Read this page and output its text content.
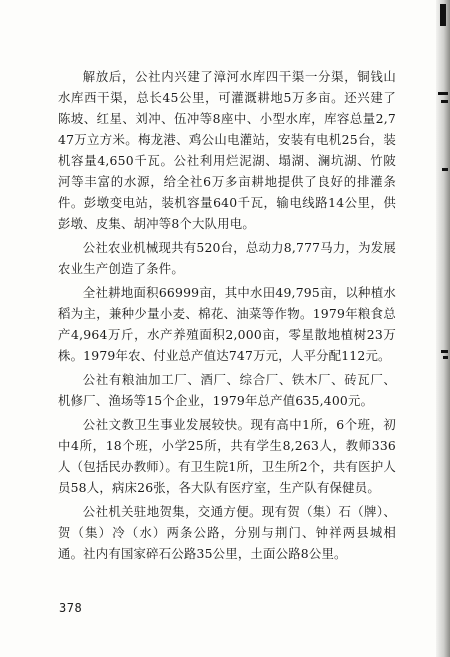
解放后，公社内兴建了漳河水库四干渠一分渠，铜钱山水库西干渠，总长45公里，可灌溉耕地5万多亩。还兴建了陈坡、红星、刘冲、伍冲等8座中、小型水库，库容总量2,747万立方米。梅龙港、鸡公山电灌站，安装有电机25台，装机容量4,650千瓦。公社利用烂泥湖、塌湖、澜坑湖、竹陂河等丰富的水源，给全社6万多亩耕地提供了良好的排灌条件。彭墩变电站，装机容量640千瓦，输电线路14公里，供彭墩、皮集、胡冲等8个大队用电。

公社农业机械现共有520台，总动力8,777马力，为发展农业生产创造了条件。

全社耕地面积66999亩，其中水田49,795亩，以种植水稻为主，兼种少量小麦、棉花、油菜等作物。1979年粮食总产4,964万斤，水产养殖面积2,000亩，零星散地植树23万株。1979年农、付业总产值达747万元，人平分配112元。

公社有粮油加工厂、酒厂、综合厂、铁木厂、砖瓦厂、机修厂、渔场等15个企业，1979年总产值635,400元。

公社文教卫生事业发展较快。现有高中1所，6个班，初中4所，18个班，小学25所，共有学生8,263人，教师336人（包括民办教师）。有卫生院1所，卫生所2个，共有医护人员58人，病床26张，各大队有医疗室，生产队有保健员。

公社机关驻地贺集，交通方便。现有贺（集）石（牌）、贺（集）冷（水）两条公路，分别与荆门、钟祥两县城相通。社内有国家碎石公路35公里，土面公路8公里。

378
